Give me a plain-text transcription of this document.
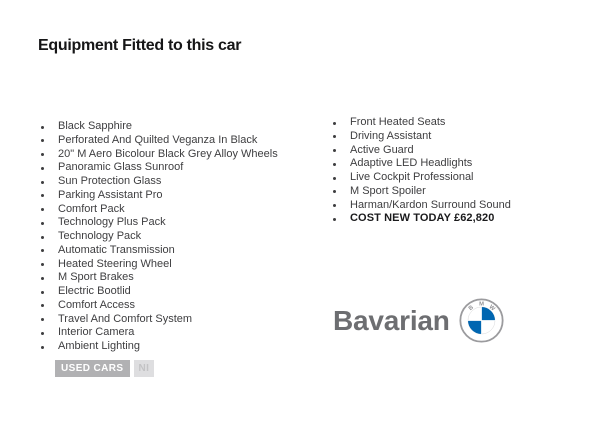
Equipment Fitted to this car
Black Sapphire
Perforated And Quilted Veganza In Black
20" M Aero Bicolour Black Grey Alloy Wheels
Panoramic Glass Sunroof
Sun Protection Glass
Parking Assistant Pro
Comfort Pack
Technology Plus Pack
Technology Pack
Automatic Transmission
Heated Steering Wheel
M Sport Brakes
Electric Bootlid
Comfort Access
Travel And Comfort System
Interior Camera
Ambient Lighting
Front Heated Seats
Driving Assistant
Active Guard
Adaptive LED Headlights
Live Cockpit Professional
M Sport Spoiler
Harman/Kardon Surround Sound
COST NEW TODAY £62,820
Bavarian B
M W
USED CARS	NI
